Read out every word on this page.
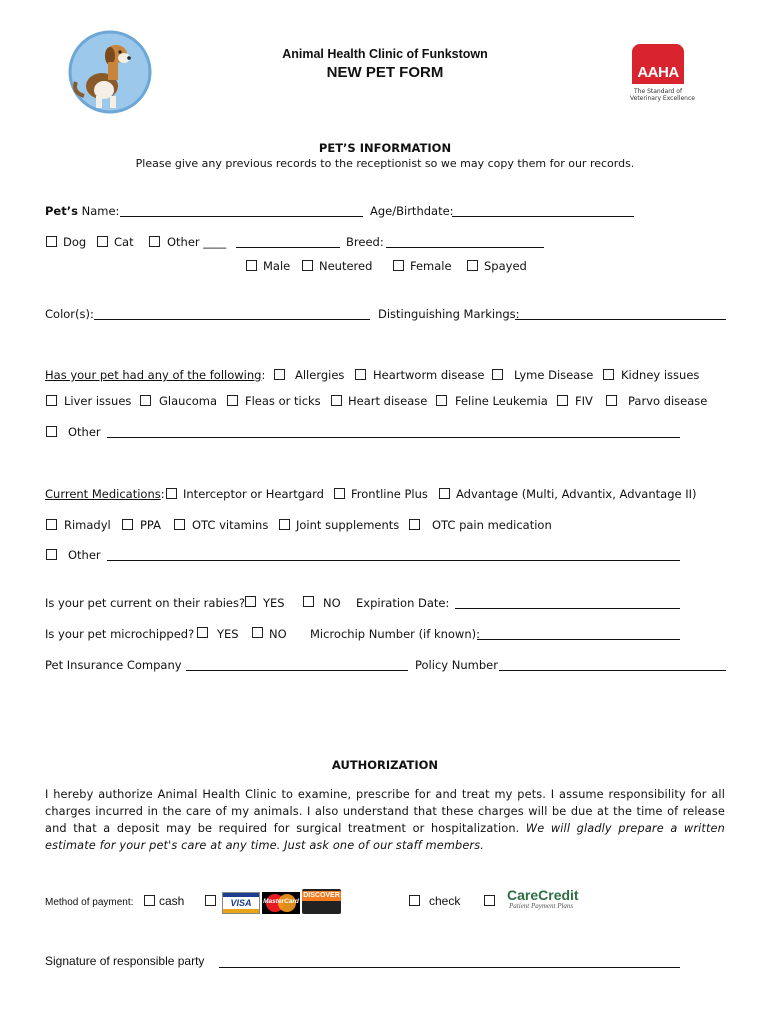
Animal Health Clinic of Funkstown
NEW PET FORM	AAHA
The Standard of
Veterinary Excellence
PET’S INFORMATION
Please give any previous records to the receptionist so we may copy them for our records.
Pet’s Name:	Age/Birthdate:
Dog Cat	Other ____	Breed:
Male	Neutered	Female	Spayed
Color(s):	Distinguishing Markings:
Has your pet had any of the following:	Allergies Heartworm disease	Lyme Disease Kidney issues
Liver issues Glaucoma Fleas or ticks Heart disease Feline Leukemia FIV	Parvo disease
Other
Current Medications: Interceptor or Heartgard Frontline Plus Advantage (Multi, Advantix, Advantage II)
Rimadyl	PPA	OTC vitamins Joint supplements	OTC pain medication
Other
Is your pet current on their rabies? YES	NO Expiration Date:
Is your pet microchipped? YES	NO Microchip Number (if known):
Pet Insurance Company	Policy Number
AUTHORIZATION
I hereby authorize Animal Health Clinic to examine, prescribe for and treat my pets. I assume responsibility for all charges incurred in the care of my animals. I also understand that these charges will be due at the time of release and that a deposit may be required for surgical treatment or hospitalization. We will gladly prepare a written estimate for your pet's care at any time. Just ask one of our staff members.
Method of payment: cash	VISA	MasterCard
DISCOVER	check	CareCredit
Patient Payment Plans
Signature of responsible party
